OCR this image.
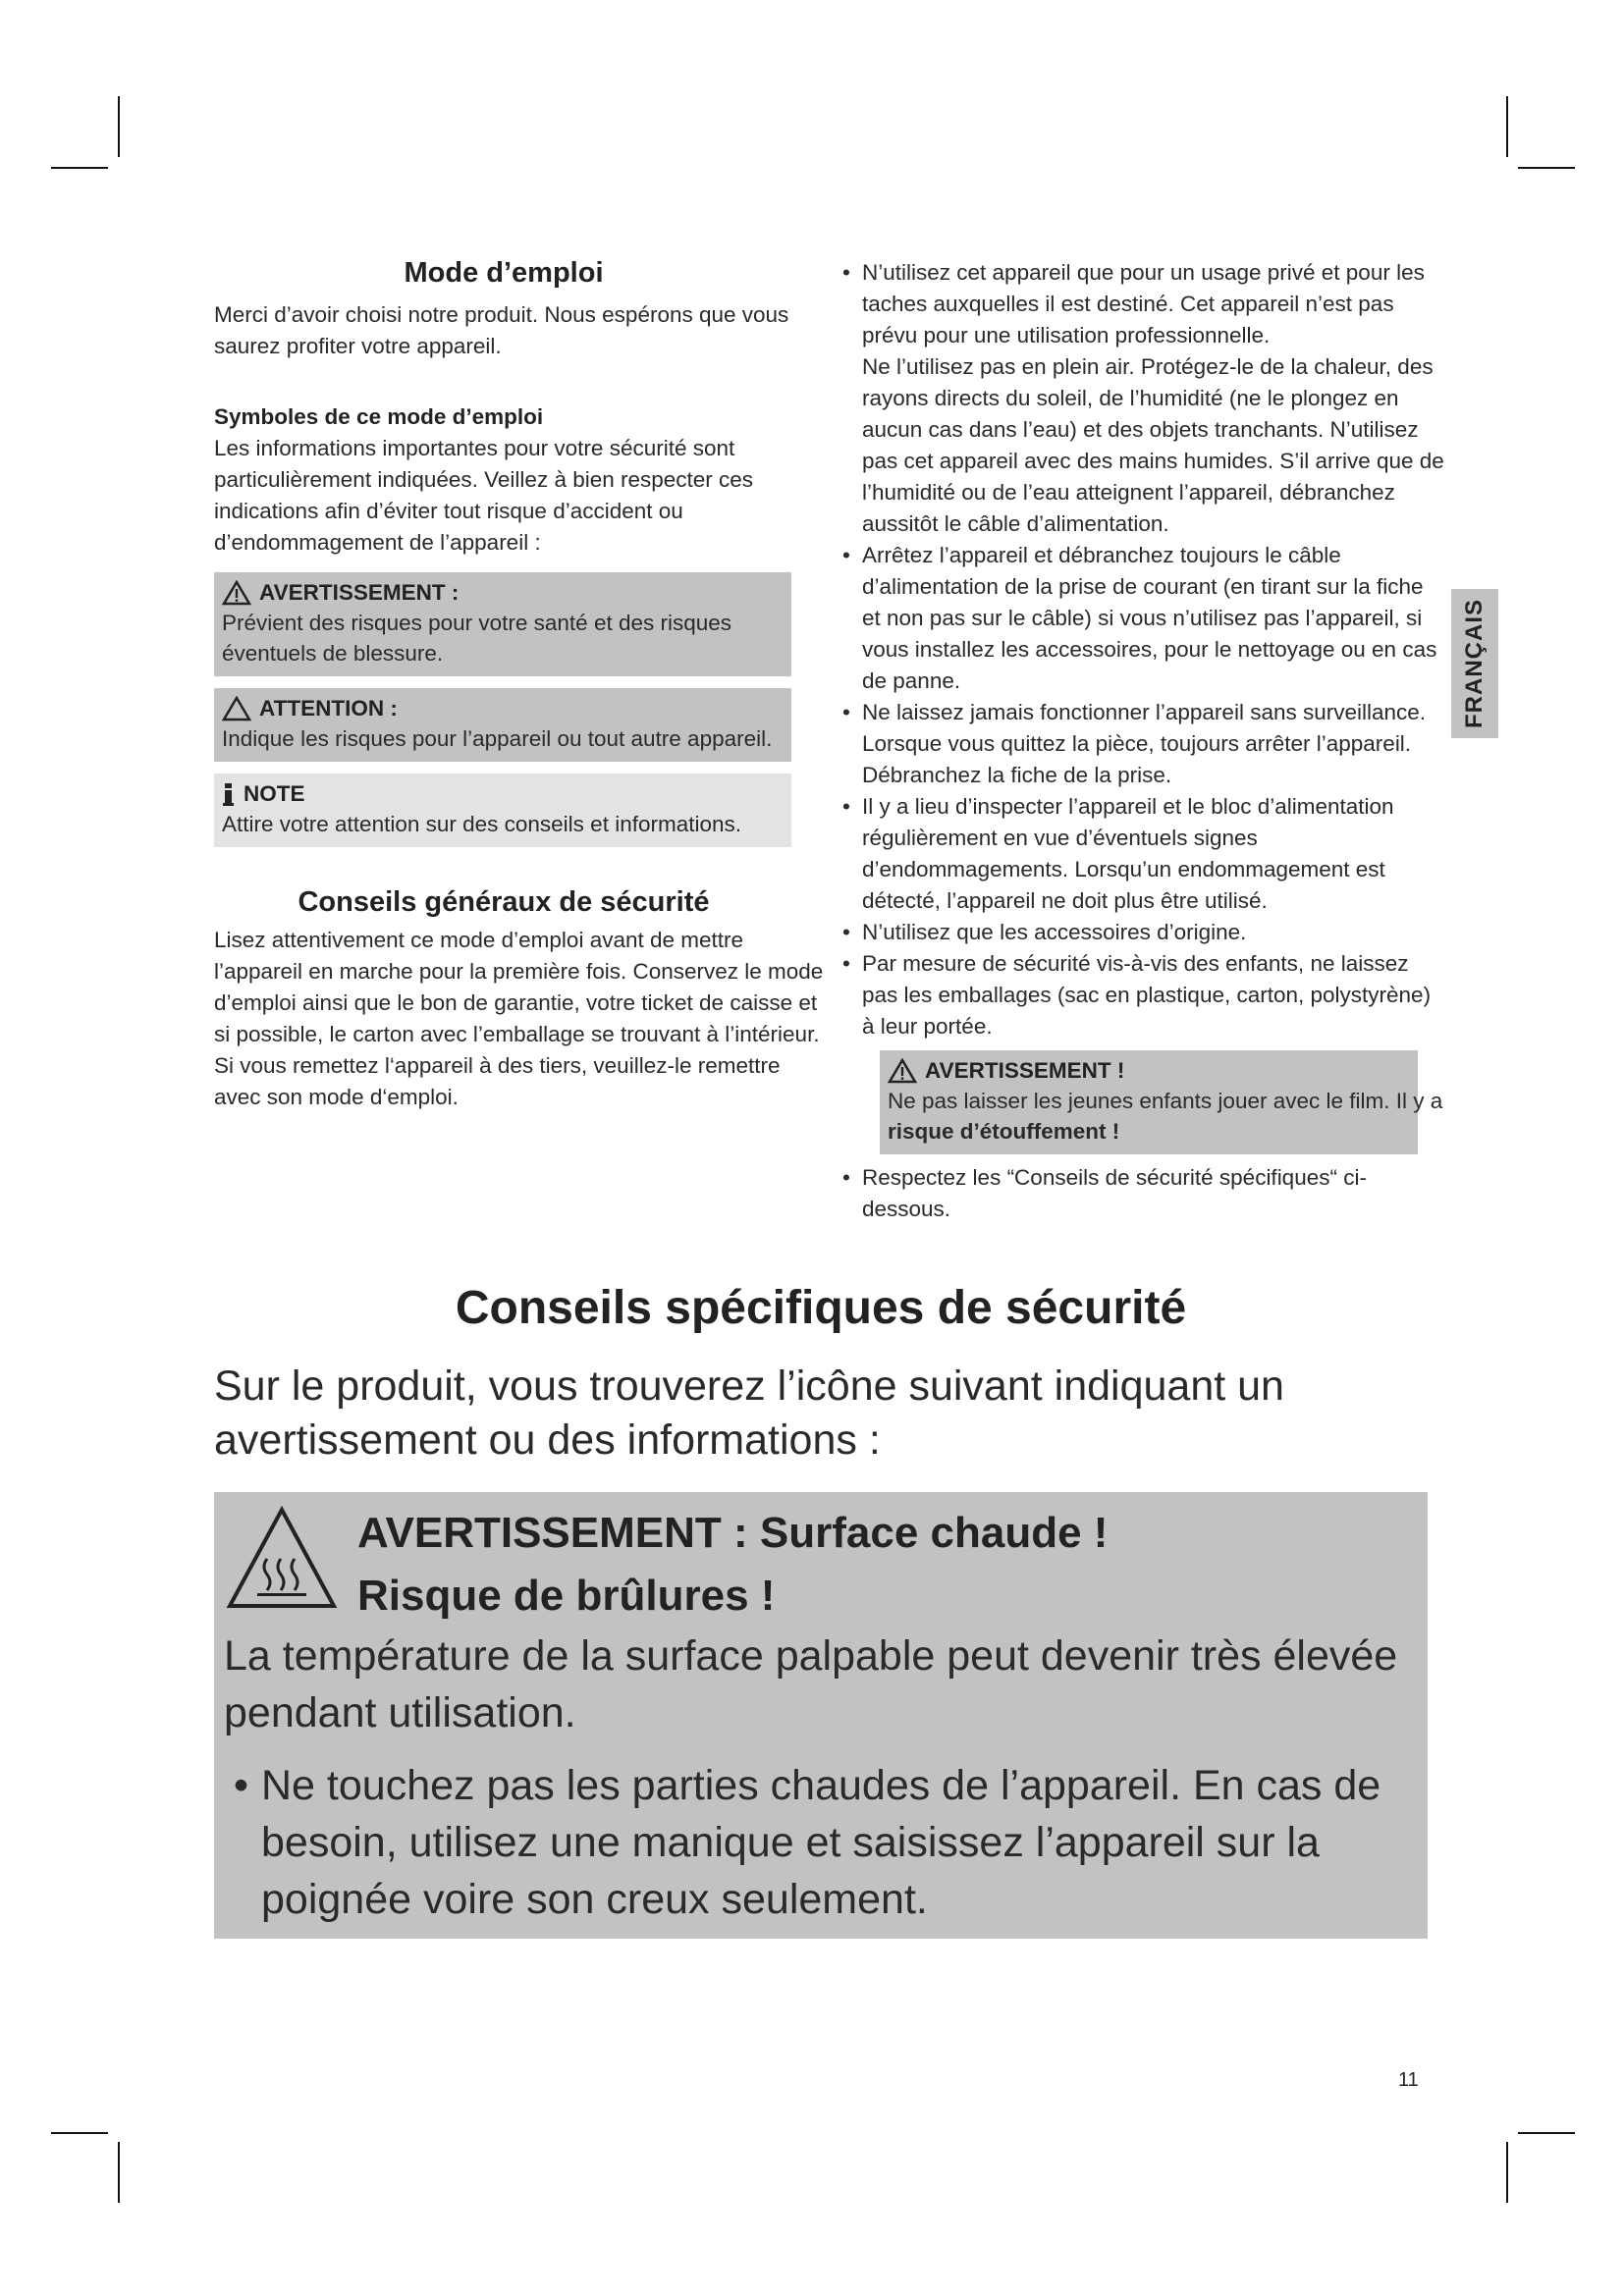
Mode d’emploi
Merci d’avoir choisi notre produit. Nous espérons que vous saurez profiter votre appareil.
Symboles de ce mode d’emploi
Les informations importantes pour votre sécurité sont particulièrement indiquées. Veillez à bien respecter ces indications afin d’éviter tout risque d’accident ou d’endommagement de l’appareil :
AVERTISSEMENT :
Prévient des risques pour votre santé et des risques éventuels de blessure.
ATTENTION :
Indique les risques pour l’appareil ou tout autre appareil.
NOTE
Attire votre attention sur des conseils et informations.
Conseils généraux de sécurité
Lisez attentivement ce mode d’emploi avant de mettre l’appareil en marche pour la première fois. Conservez le mode d’emploi ainsi que le bon de garantie, votre ticket de caisse et si possible, le carton avec l’emballage se trouvant à l’intérieur. Si vous remettez l‘appareil à des tiers, veuillez-le remettre avec son mode d‘emploi.
• N’utilisez cet appareil que pour un usage privé et pour les taches auxquelles il est destiné. Cet appareil n’est pas prévu pour une utilisation professionnelle.
Ne l’utilisez pas en plein air. Protégez-le de la chaleur, des rayons directs du soleil, de l’humidité (ne le plongez en aucun cas dans l’eau) et des objets tranchants. N’utilisez pas cet appareil avec des mains humides. S’il arrive que de l’humidité ou de l’eau atteignent l’appareil, débranchez aussitôt le câble d’alimentation.
• Arrêtez l’appareil et débranchez toujours le câble d’alimentation de la prise de courant (en tirant sur la fiche et non pas sur le câble) si vous n’utilisez pas l’appareil, si vous installez les accessoires, pour le nettoyage ou en cas de panne.
• Ne laissez jamais fonctionner l’appareil sans surveillance. Lorsque vous quittez la pièce, toujours arrêter l’appareil. Débranchez la fiche de la prise.
• Il y a lieu d’inspecter l’appareil et le bloc d’alimentation régulièrement en vue d’éventuels signes d’endommagements. Lorsqu’un endommagement est détecté, l’appareil ne doit plus être utilisé.
• N’utilisez que les accessoires d’origine.
• Par mesure de sécurité vis-à-vis des enfants, ne laissez pas les emballages (sac en plastique, carton, polystyrène) à leur portée.
AVERTISSEMENT !
Ne pas laisser les jeunes enfants jouer avec le film. Il y a
risque d’étouffement !
• Respectez les “Conseils de sécurité spécifiques“ ci-dessous.
FRANÇAIS
Conseils spécifiques de sécurité
Sur le produit, vous trouverez l’icône suivant indiquant un avertissement ou des informations :
AVERTISSEMENT : Surface chaude !
Risque de brûlures !
La température de la surface palpable peut devenir très élevée pendant utilisation.
• Ne touchez pas les parties chaudes de l’appareil. En cas de besoin, utilisez une manique et saisissez l’appareil sur la poignée voire son creux seulement.
11
